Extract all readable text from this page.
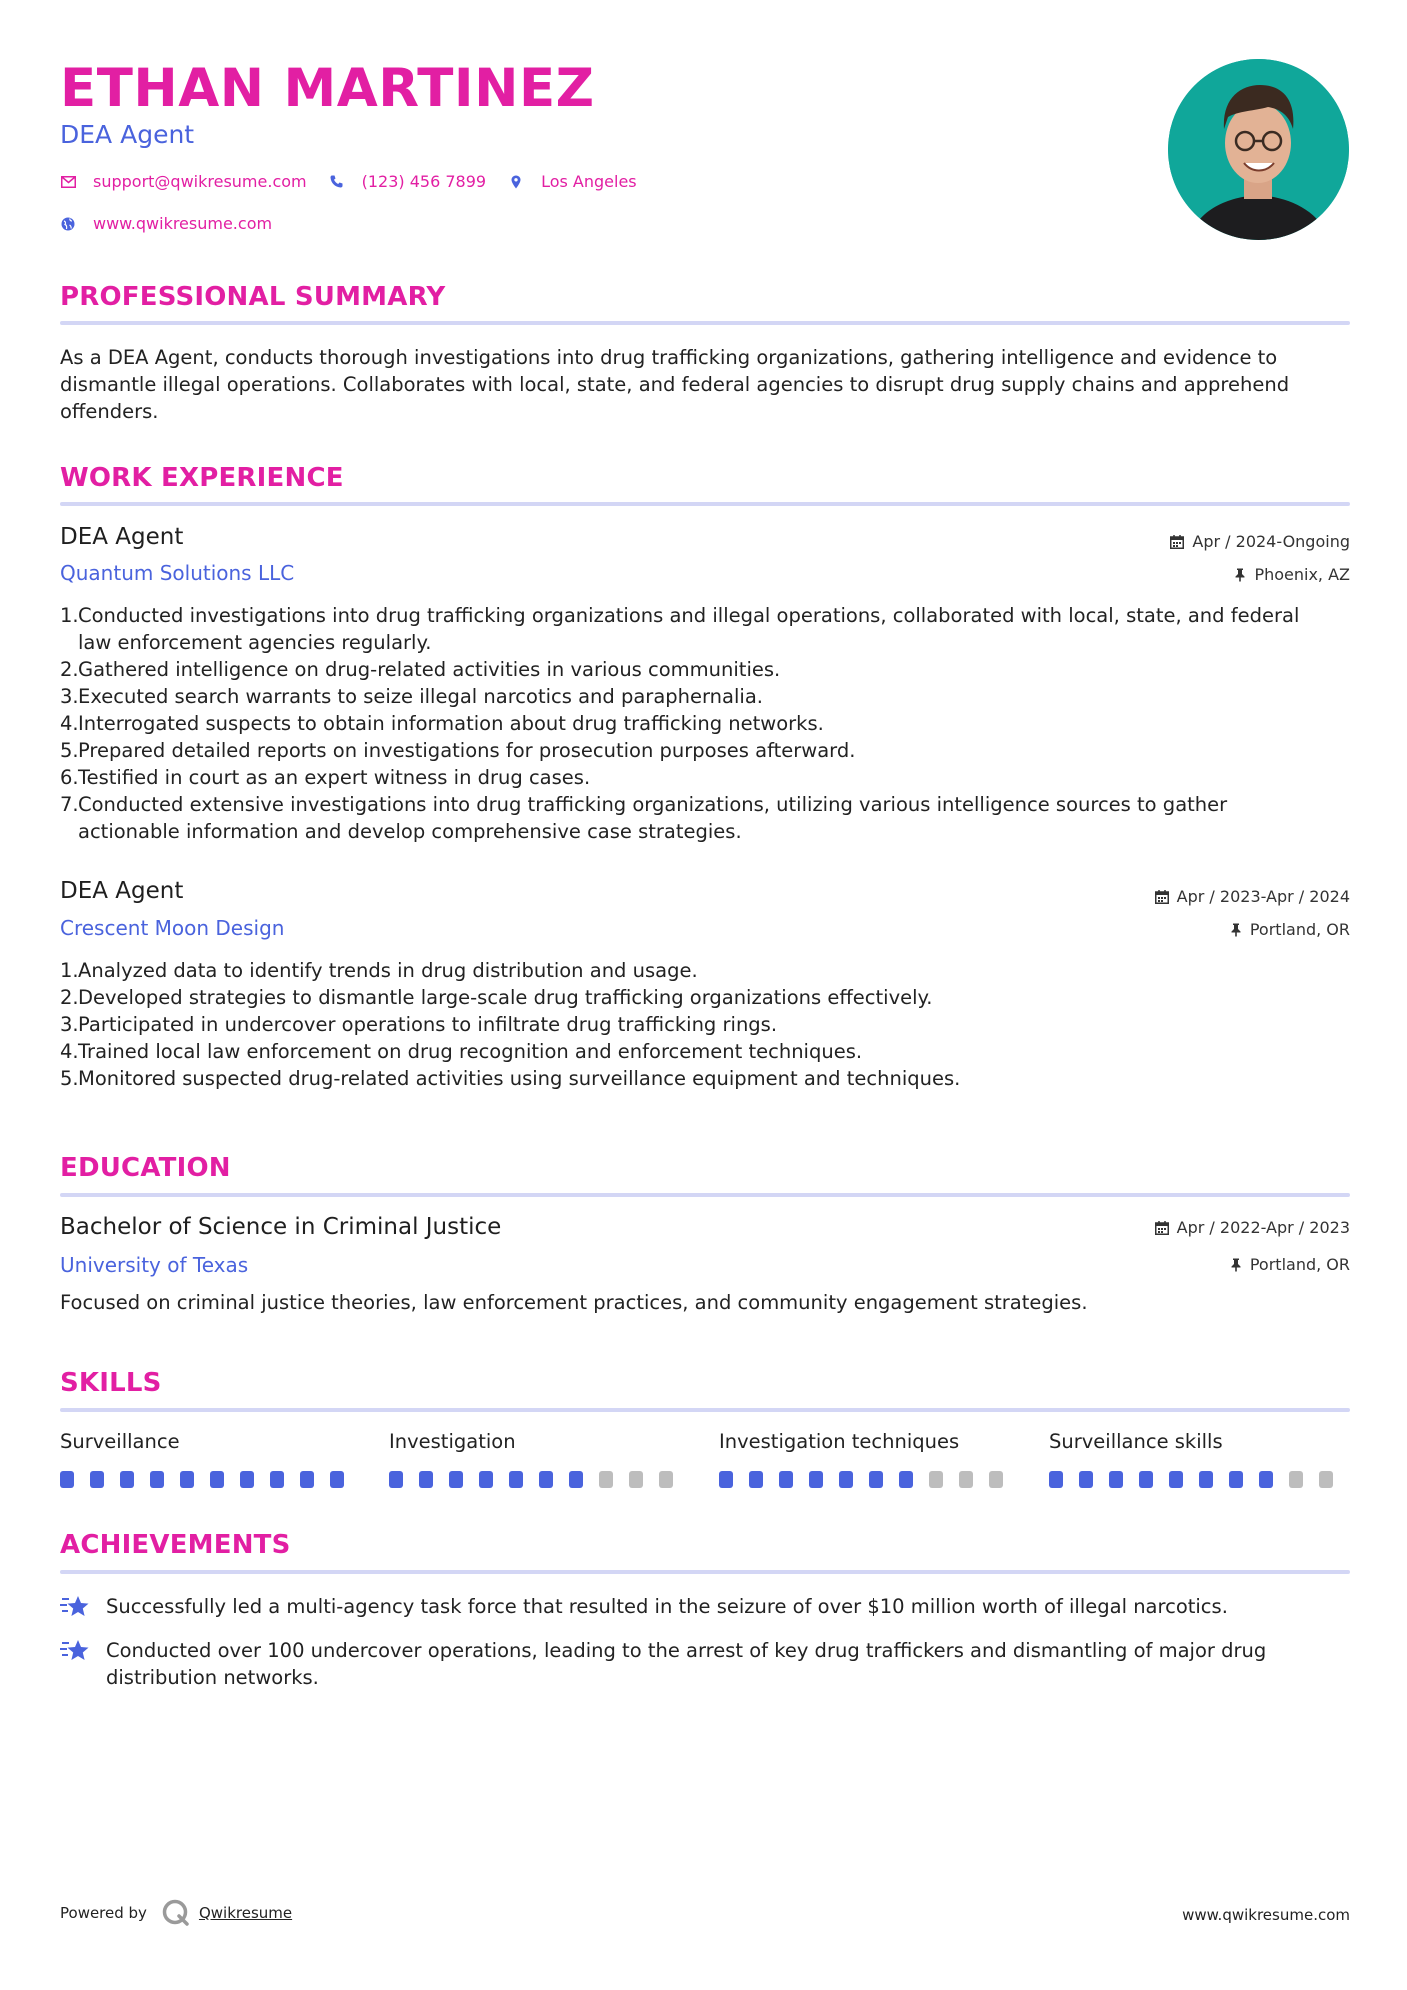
ETHAN MARTINEZ
DEA Agent
support@qwikresume.com	(123) 456 7899	Los Angeles
www.qwikresume.com
PROFESSIONAL SUMMARY
As a DEA Agent, conducts thorough investigations into drug trafficking organizations, gathering intelligence and evidence to dismantle illegal operations. Collaborates with local, state, and federal agencies to disrupt drug supply chains and apprehend offenders.
WORK EXPERIENCE
DEA Agent
Quantum Solutions LLC
Apr / 2024-Ongoing
Phoenix, AZ
1. Conducted investigations into drug trafficking organizations and illegal operations, collaborated with local, state, and federal law enforcement agencies regularly.
2. Gathered intelligence on drug-related activities in various communities.
3. Executed search warrants to seize illegal narcotics and paraphernalia.
4. Interrogated suspects to obtain information about drug trafficking networks.
5. Prepared detailed reports on investigations for prosecution purposes afterward.
6. Testified in court as an expert witness in drug cases.
7. Conducted extensive investigations into drug trafficking organizations, utilizing various intelligence sources to gather actionable information and develop comprehensive case strategies.
DEA Agent
Crescent Moon Design
Apr / 2023-Apr / 2024
Portland, OR
1. Analyzed data to identify trends in drug distribution and usage.
2. Developed strategies to dismantle large-scale drug trafficking organizations effectively.
3. Participated in undercover operations to infiltrate drug trafficking rings.
4. Trained local law enforcement on drug recognition and enforcement techniques.
5. Monitored suspected drug-related activities using surveillance equipment and techniques.
EDUCATION
Bachelor of Science in Criminal Justice
University of Texas
Apr / 2022-Apr / 2023
Portland, OR
Focused on criminal justice theories, law enforcement practices, and community engagement strategies.
SKILLS
Surveillance	Investigation	Investigation techniques	Surveillance skills
ACHIEVEMENTS
Successfully led a multi-agency task force that resulted in the seizure of over $10 million worth of illegal narcotics.
Conducted over 100 undercover operations, leading to the arrest of key drug traffickers and dismantling of major drug distribution networks.
Powered by	Qwikresume	www.qwikresume.com
